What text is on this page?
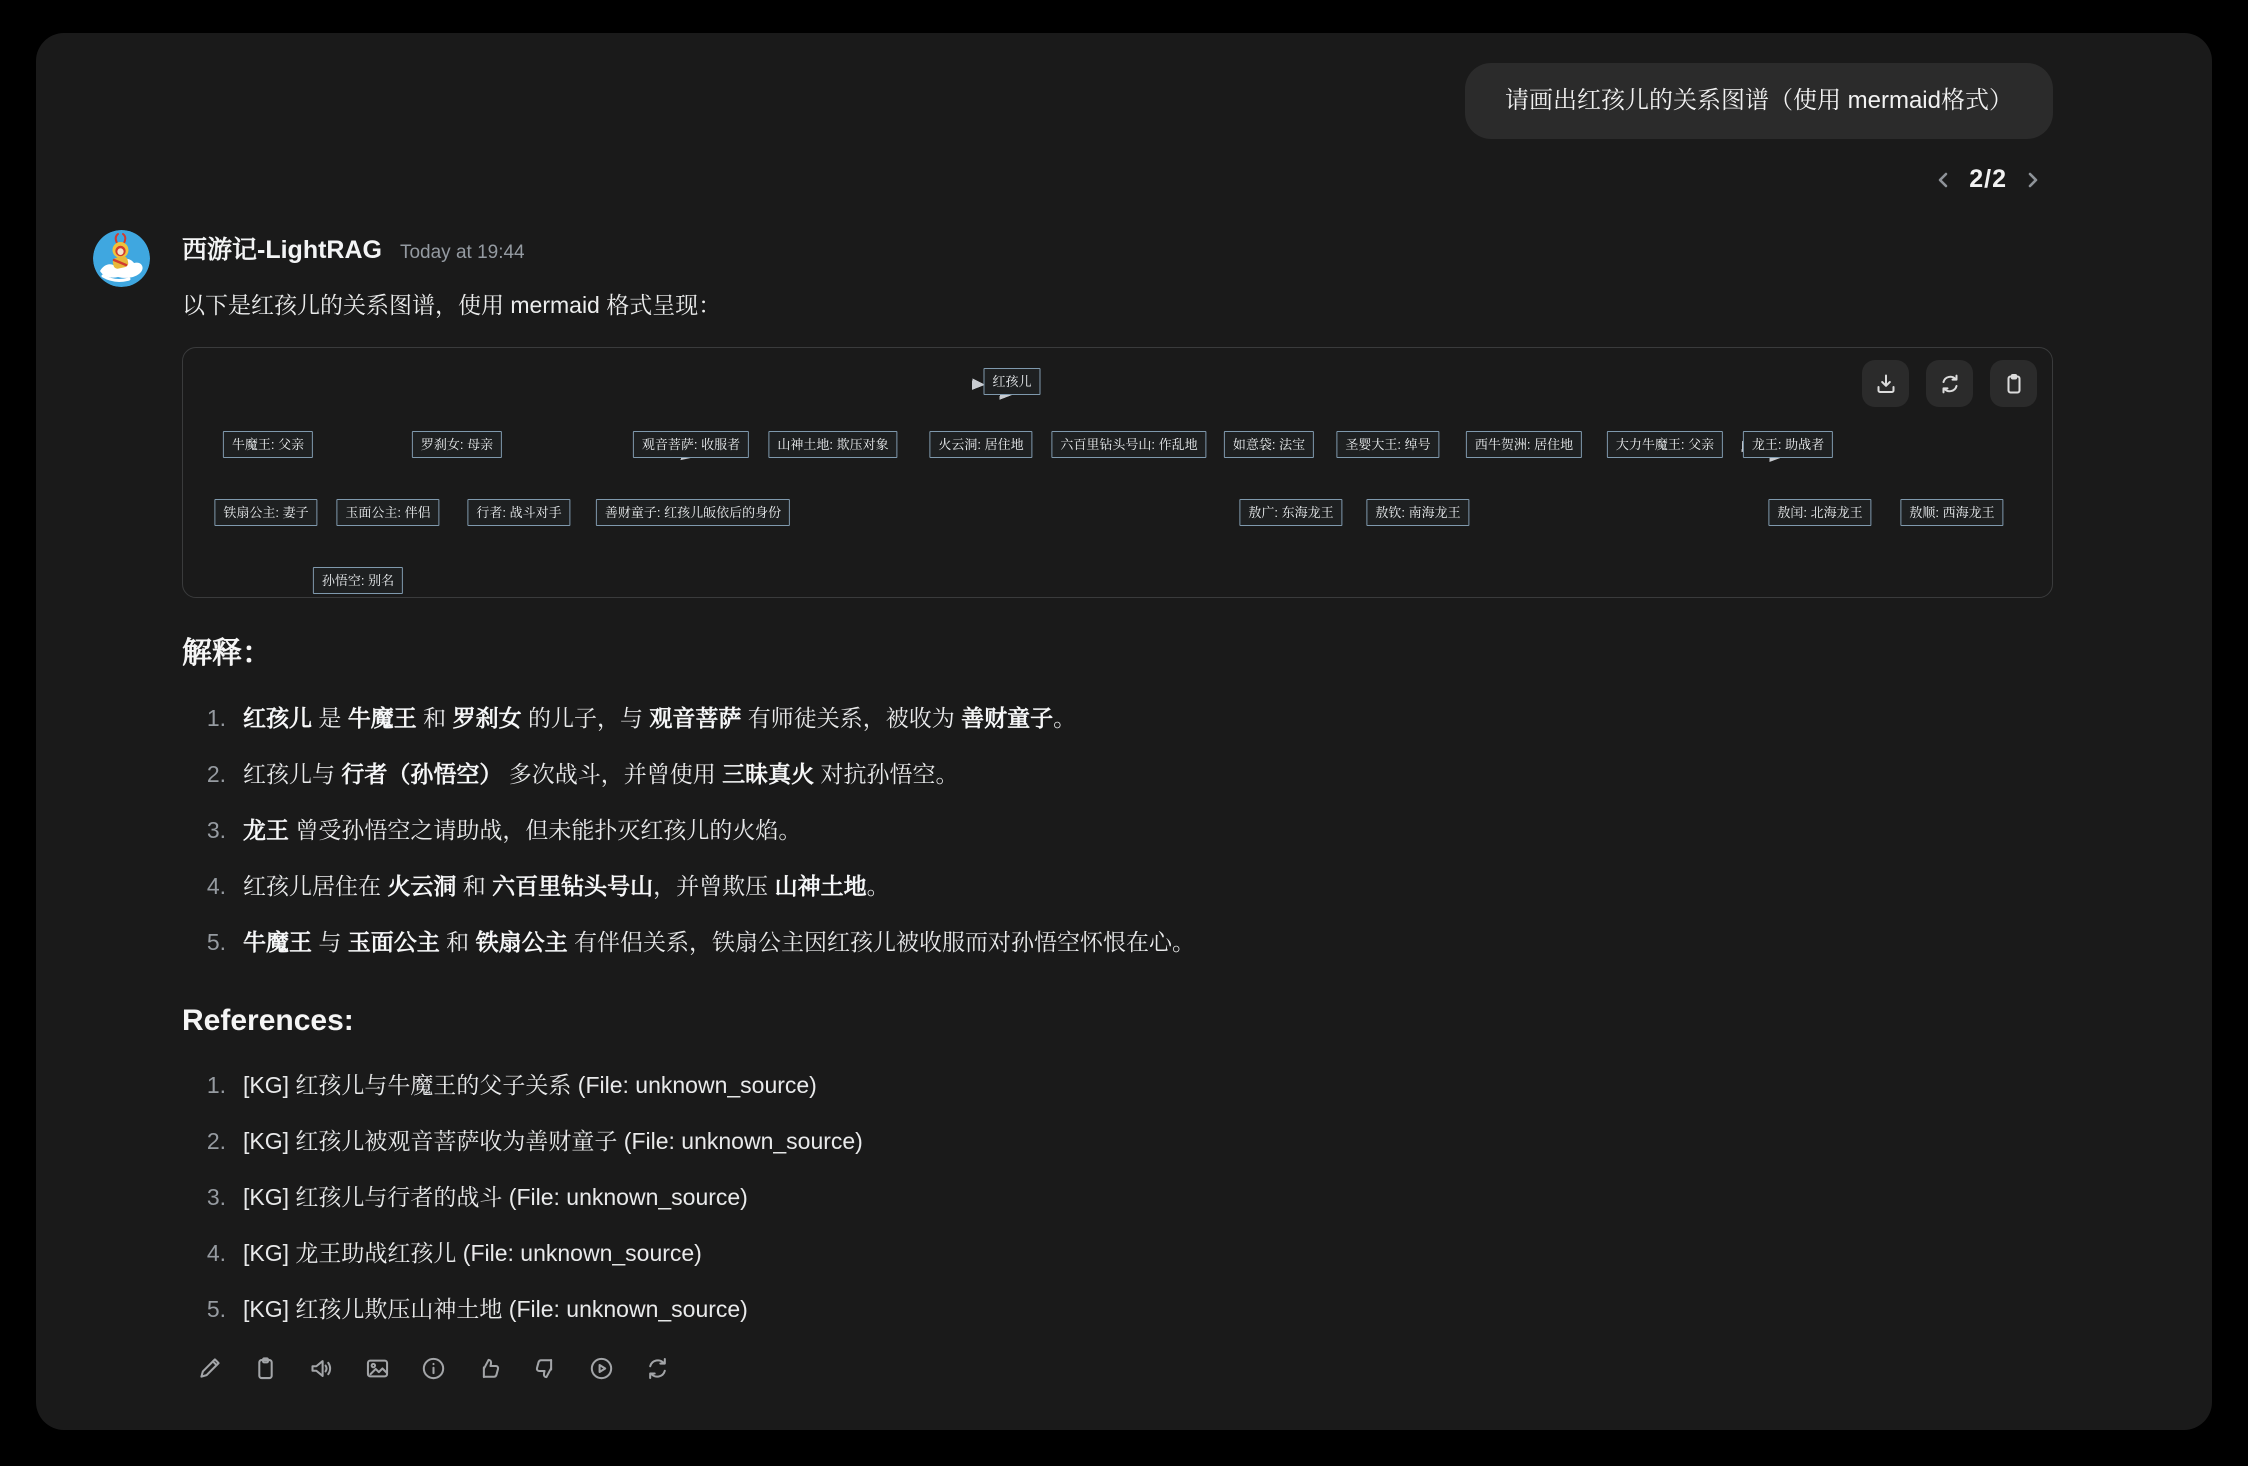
请画出红孩儿的关系图谱（使用 mermaid格式）
2/2
西游记-LightRAG Today at 19:44
以下是红孩儿的关系图谱，使用 mermaid 格式呈现：
红孩儿
牛魔王: 父亲	罗刹女: 母亲	观音菩萨: 收服者	山神土地: 欺压对象	火云洞: 居住地	六百里钻头号山: 作乱地	如意袋: 法宝	圣婴大王: 绰号	西牛贺洲: 居住地	大力牛魔王: 父亲	龙王: 助战者
铁扇公主: 妻子	玉面公主: 伴侣	行者: 战斗对手	善财童子: 红孩儿皈依后的身份	敖广: 东海龙王	敖钦: 南海龙王	敖闰: 北海龙王	敖顺: 西海龙王
孙悟空: 别名
解释：
1. 红孩儿 是 牛魔王 和 罗刹女 的儿子，与 观音菩萨 有师徒关系，被收为 善财童子。
2. 红孩儿与 行者（孙悟空） 多次战斗，并曾使用 三昧真火 对抗孙悟空。
3. 龙王 曾受孙悟空之请助战，但未能扑灭红孩儿的火焰。
4. 红孩儿居住在 火云洞 和 六百里钻头号山，并曾欺压 山神土地。
5. 牛魔王 与 玉面公主 和 铁扇公主 有伴侣关系，铁扇公主因红孩儿被收服而对孙悟空怀恨在心。
References:
1. [KG] 红孩儿与牛魔王的父子关系 (File: unknown_source)
2. [KG] 红孩儿被观音菩萨收为善财童子 (File: unknown_source)
3. [KG] 红孩儿与行者的战斗 (File: unknown_source)
4. [KG] 龙王助战红孩儿 (File: unknown_source)
5. [KG] 红孩儿欺压山神土地 (File: unknown_source)
